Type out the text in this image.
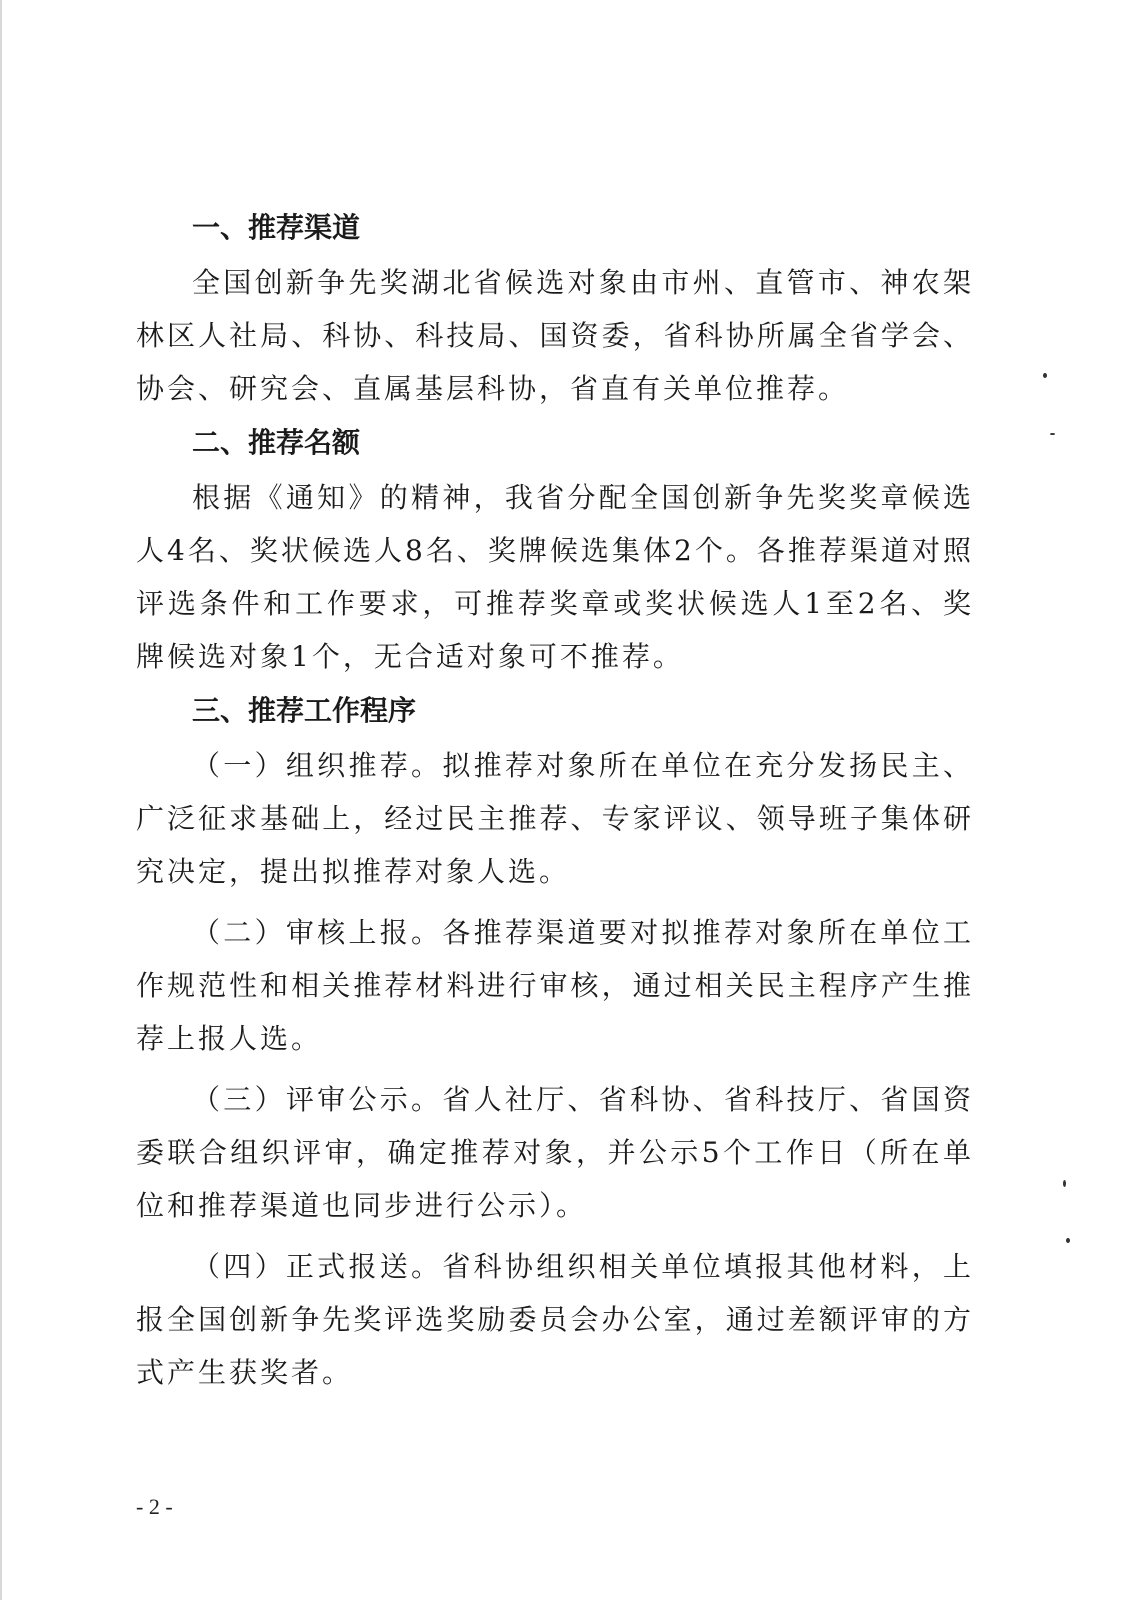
一、推荐渠道

全国创新争先奖湖北省候选对象由市州、直管市、神农架林区人社局、科协、科技局、国资委，省科协所属全省学会、协会、研究会、直属基层科协，省直有关单位推荐。

二、推荐名额

根据《通知》的精神，我省分配全国创新争先奖奖章候选人4名、奖状候选人8名、奖牌候选集体2个。各推荐渠道对照评选条件和工作要求，可推荐奖章或奖状候选人1至2名、奖牌候选对象1个，无合适对象可不推荐。

三、推荐工作程序

（一）组织推荐。拟推荐对象所在单位在充分发扬民主、广泛征求基础上，经过民主推荐、专家评议、领导班子集体研究决定，提出拟推荐对象人选。

（二）审核上报。各推荐渠道要对拟推荐对象所在单位工作规范性和相关推荐材料进行审核，通过相关民主程序产生推荐上报人选。

（三）评审公示。省人社厅、省科协、省科技厅、省国资委联合组织评审，确定推荐对象，并公示5个工作日（所在单位和推荐渠道也同步进行公示）。

（四）正式报送。省科协组织相关单位填报其他材料，上报全国创新争先奖评选奖励委员会办公室，通过差额评审的方式产生获奖者。

- 2 -
